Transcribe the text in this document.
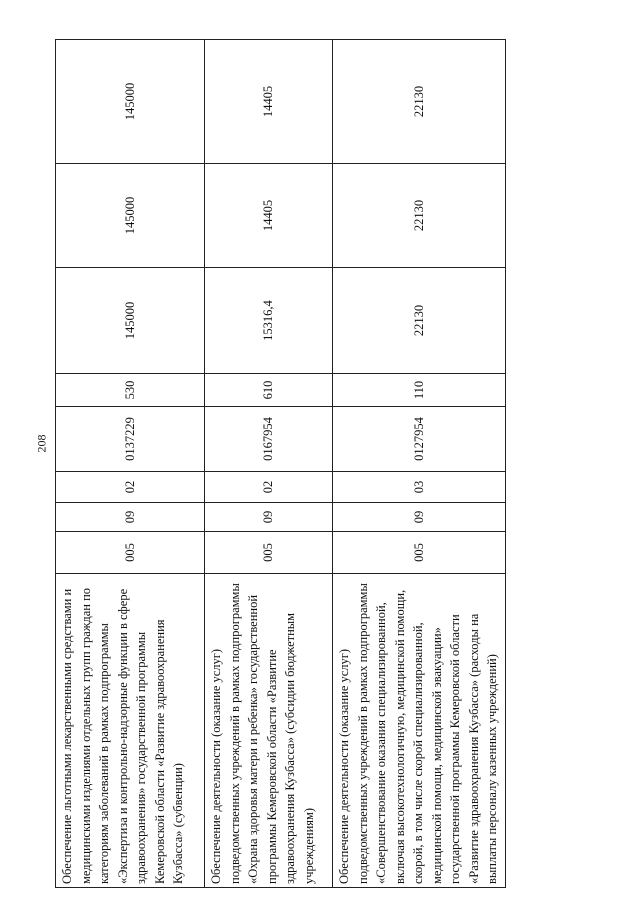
208
Обеспечение льготными лекарственными средствами и медицинскими изделиями отдельных групп граждан по категориям заболеваний в рамках подпрограммы «Экспертиза и контрольно-надзорные функции в сфере здравоохранения» государственной программы Кемеровской области «Развитие здравоохранения Кузбасса» (субвенции)	005	09	02	0137229	530	145000	145000	145000
Обеспечение деятельности (оказание услуг) подведомственных учреждений в рамках подпрограммы «Охрана здоровья матери и ребенка» государственной программы Кемеровской области «Развитие здравоохранения Кузбасса» (субсидии бюджетным учреждениям)	005	09	02	0167954	610	15316,4	14405	14405
Обеспечение деятельности (оказание услуг) подведомственных учреждений в рамках подпрограммы «Совершенствование оказания специализированной, включая высокотехнологичную, медицинской помощи, скорой, в том числе скорой специализированной, медицинской помощи, медицинской эвакуации» государственной программы Кемеровской области «Развитие здравоохранения Кузбасса» (расходы на выплаты персоналу казенных учреждений)	005	09	03	0127954	110	22130	22130	22130
